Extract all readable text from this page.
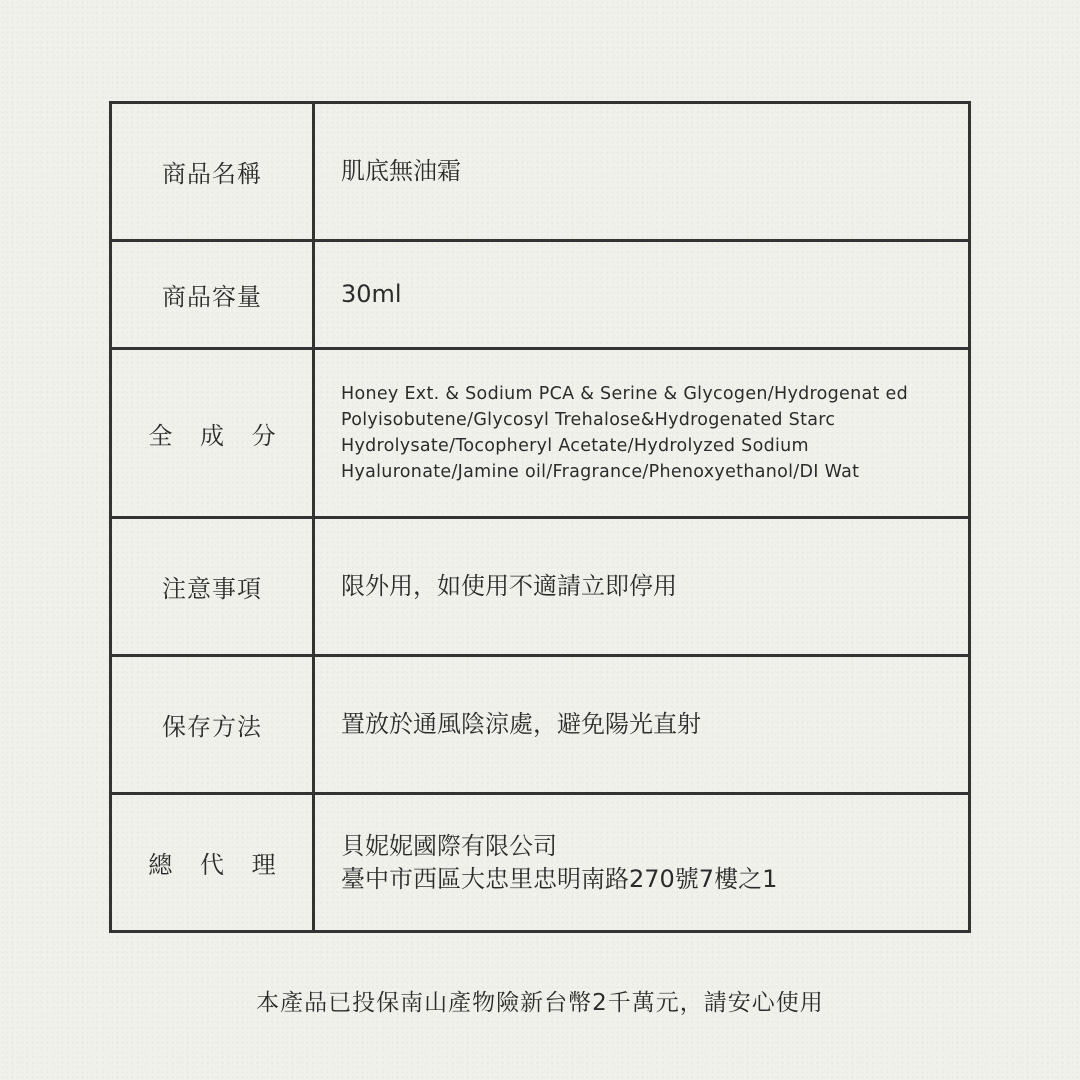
商品名稱	肌底無油霜
商品容量	30ml
全 成 分	Honey Ext. & Sodium PCA & Serine & Glycogen/Hydrogenat ed Polyisobutene/Glycosyl Trehalose&Hydrogenated Starc Hydrolysate/Tocopheryl Acetate/Hydrolyzed Sodium Hyaluronate/Jamine oil/Fragrance/Phenoxyethanol/DI Wat
注意事項	限外用，如使用不適請立即停用
保存方法	置放於通風陰涼處，避免陽光直射
總 代 理	貝妮妮國際有限公司
臺中市西區大忠里忠明南路270號7樓之1
本產品已投保南山產物險新台幣2千萬元，請安心使用
